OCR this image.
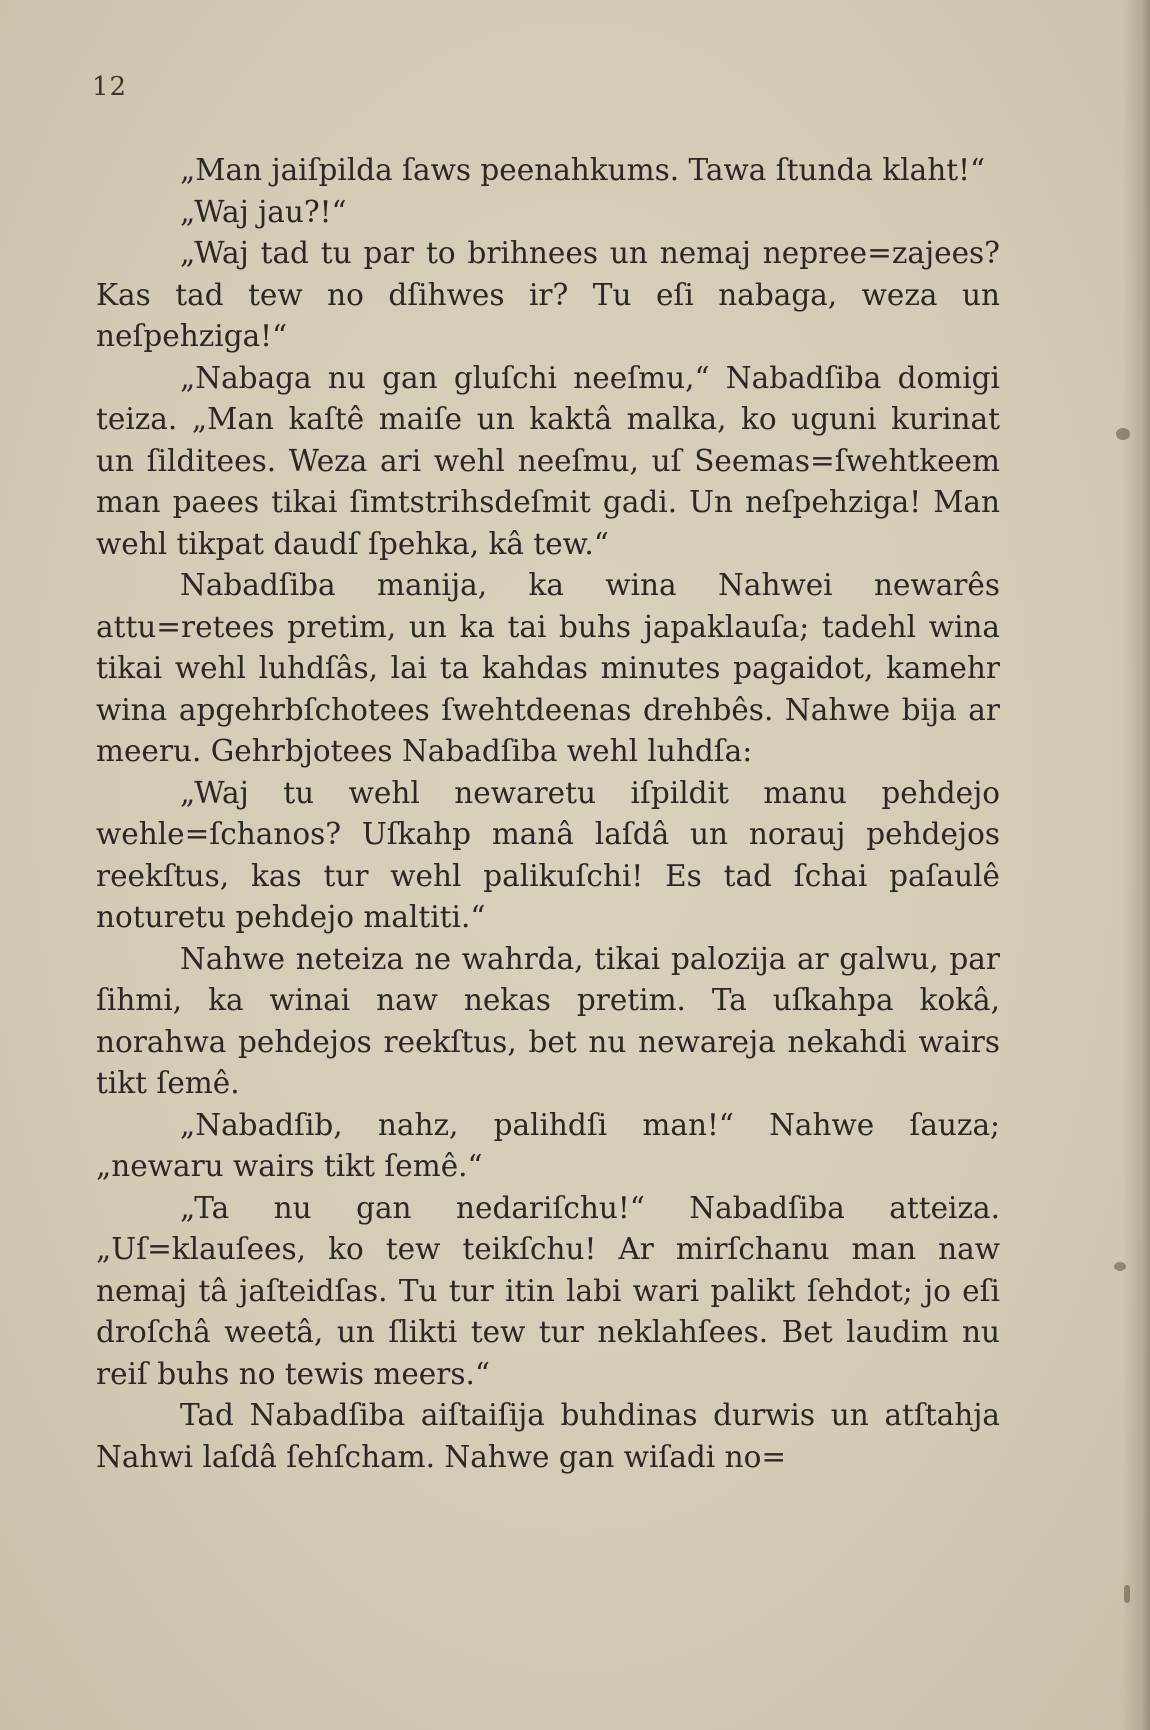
12

„Man jaiſpilda ſaws peenahkums. Tawa ſtunda klaht!“

„Waj jau?!“

„Waj tad tu par to brihnees un nemaj nepree=zajees? Kas tad tew no dſihwes ir? Tu eſi nabaga, weza un neſpehziga!“

„Nabaga nu gan gluſchi neeſmu,“ Nabadſiba domigi teiza. „Man kaſtê maiſe un kaktâ malka, ko uguni kurinat un ſilditees. Weza ari wehl neeſmu, uſ Seemas=ſwehtkeem man paees tikai ſimtstrihsdeſmit gadi. Un neſpehziga! Man wehl tikpat daudſ ſpehka, kâ tew.“

Nabadſiba manija, ka wina Nahwei newarês attu=retees pretim, un ka tai buhs japaklauſa; tadehl wina tikai wehl luhdſâs, lai ta kahdas minutes pagaidot, kamehr wina apgehrbſchotees ſwehtdeenas drehbês. Nahwe bija ar meeru. Gehrbjotees Nabadſiba wehl luhdſa:

„Waj tu wehl newaretu iſpildit manu pehdejo wehle=ſchanos? Uſkahp manâ laſdâ un norauj pehdejos reekſtus, kas tur wehl palikuſchi! Es tad ſchai paſaulê noturetu pehdejo maltiti.“

Nahwe neteiza ne wahrda, tikai palozija ar galwu, par ſihmi, ka winai naw nekas pretim. Ta uſkahpa kokâ, norahwa pehdejos reekſtus, bet nu newareja nekahdi wairs tikt ſemê.

„Nabadſib, nahz, palihdſi man!“ Nahwe ſauza; „newaru wairs tikt ſemê.“

„Ta nu gan nedariſchu!“ Nabadſiba atteiza. „Uſ=klauſees, ko tew teikſchu! Ar mirſchanu man naw nemaj tâ jaſteidſas. Tu tur itin labi wari palikt ſehdot; jo eſi droſchâ weetâ, un ſlikti tew tur neklahſees. Bet laudim nu reiſ buhs no tewis meers.“

Tad Nabadſiba aiſtaiſija buhdinas durwis un atſtahja Nahwi laſdâ ſehſcham. Nahwe gan wiſadi no=
